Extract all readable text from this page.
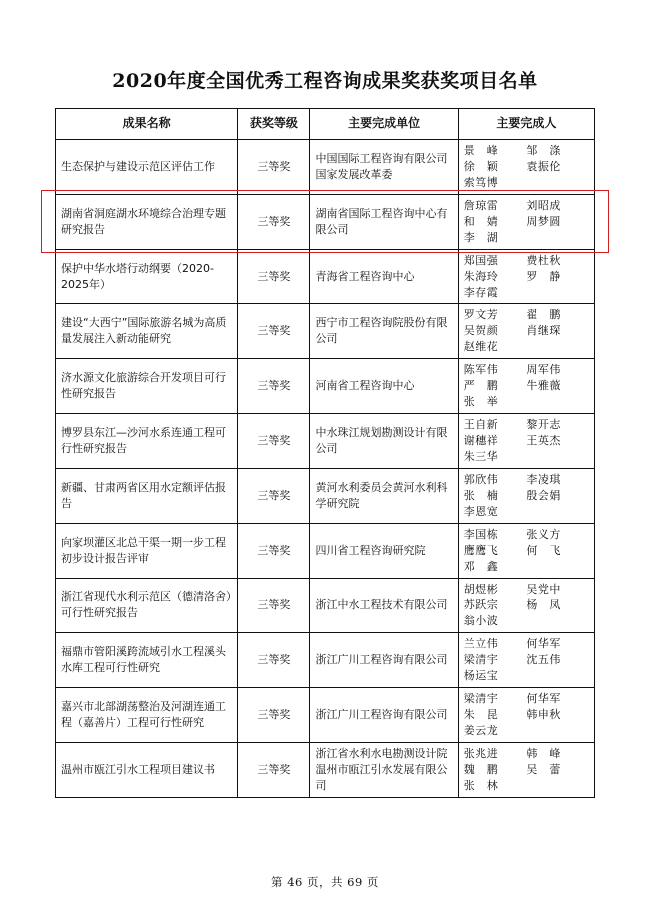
2020年度全国优秀工程咨询成果奖获奖项目名单
成果名称	获奖等级	主要完成单位	主要完成人
生态保护与建设示范区评估工作	三等奖	中国国际工程咨询有限公司 国家发展改革委	景　峰 邹　涤
徐　颖 袁振伦
索笃博

湖南省洞庭湖水环境综合治理专题研究报告	三等奖	湖南省国际工程咨询中心有限公司	詹琼雷 刘昭成
和　婧 周梦圆
李　湖

保护中华水塔行动纲要（2020-2025年）	三等奖	青海省工程咨询中心	郑国强 费杜秋
朱海玲 罗　静
李存霞

建设“大西宁”国际旅游名城为高质量发展注入新动能研究	三等奖	西宁市工程咨询院股份有限公司	罗文芳 翟　鹏
吴贺颜 肖继琛
赵维花

济水源文化旅游综合开发项目可行性研究报告	三等奖	河南省工程咨询中心	陈军伟 周军伟
严　鹏 牛雅薇
张　举

博罗县东江—沙河水系连通工程可行性研究报告	三等奖	中水珠江规划勘测设计有限公司	王自新 黎开志
谢穗祥 王英杰
朱三华

新疆、甘肃两省区用水定额评估报告	三等奖	黄河水利委员会黄河水利科学研究院	郭欣伟 李凌琪
张　楠 殷会娟
李恩宽

向家坝灌区北总干渠一期一步工程初步设计报告评审	三等奖	四川省工程咨询研究院	李国栋 张义方
鹰鹰飞 何　飞
邓　鑫

浙江省现代水利示范区（德清洛舍）可行性研究报告	三等奖	浙江中水工程技术有限公司	胡煜彬 吴党中
苏跃宗 杨　凤
翁小波

福鼎市管阳溪跨流域引水工程溪头水库工程可行性研究	三等奖	浙江广川工程咨询有限公司	兰立伟 何华军
梁清宇 沈五伟
杨运宝

嘉兴市北部湖荡整治及河湖连通工程（嘉善片）工程可行性研究	三等奖	浙江广川工程咨询有限公司	梁清宇 何华军
朱　昆 韩申秋
姜云龙

温州市瓯江引水工程项目建议书	三等奖	浙江省水利水电勘测设计院 温州市瓯江引水发展有限公司	张兆进 韩　峰
魏　鹏 吴　蕾
张　林
第 46 页，共 69 页
